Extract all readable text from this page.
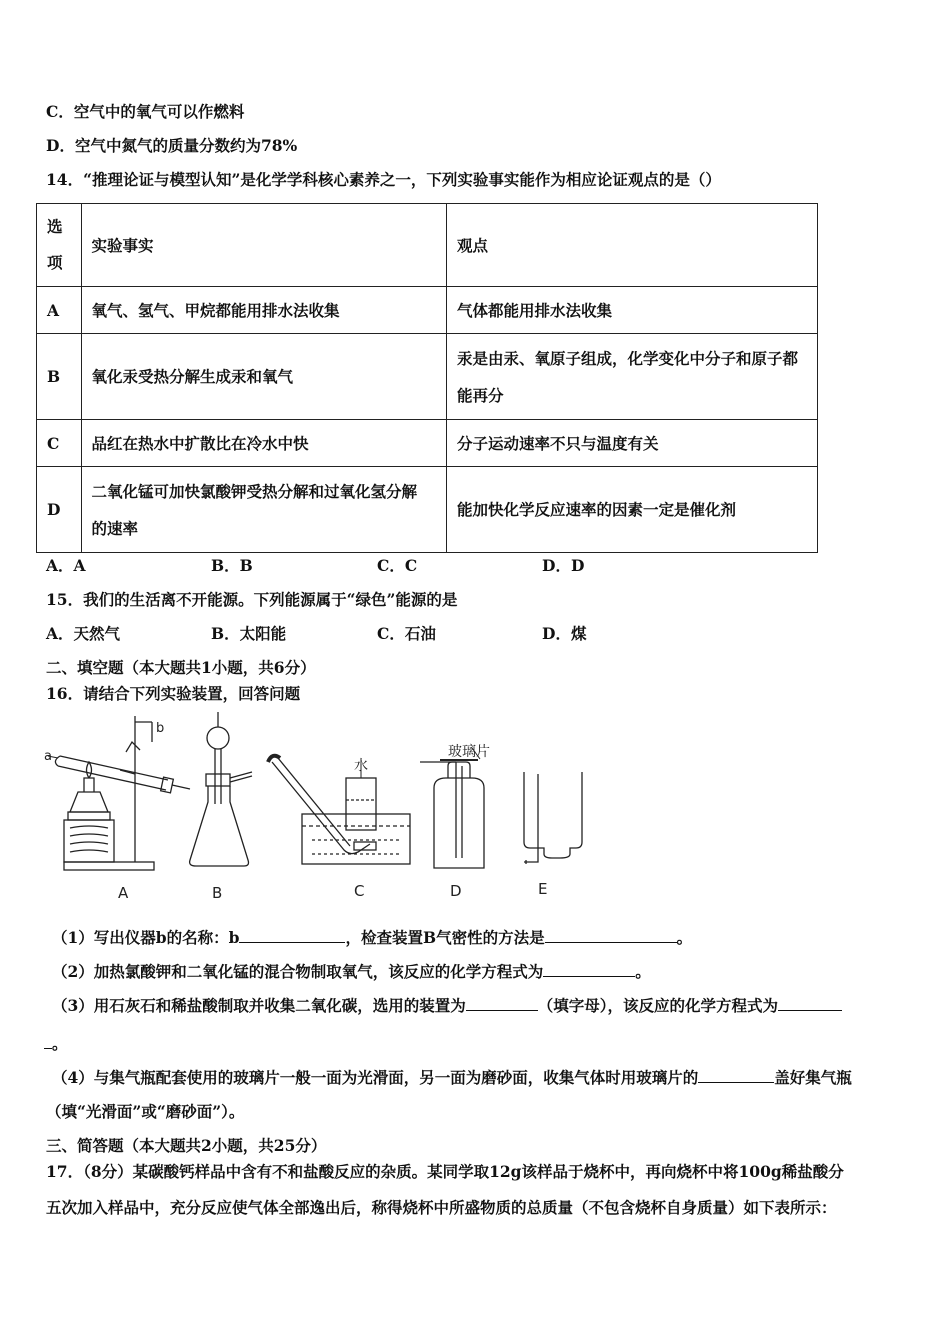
C．空气中的氧气可以作燃料
D．空气中氮气的质量分数约为78%
14．“推理论证与模型认知”是化学学科核心素养之一，下列实验事实能作为相应论证观点的是（）
选项	实验事实	观点
A	氧气、氢气、甲烷都能用排水法收集	气体都能用排水法收集
B	氧化汞受热分解生成汞和氧气	汞是由汞、氧原子组成，化学变化中分子和原子都能再分
C	品红在热水中扩散比在冷水中快	分子运动速率不只与温度有关
D	二氧化锰可加快氯酸钾受热分解和过氧化氢分解的速率	能加快化学反应速率的因素一定是催化剂
A．A	B．B	C．C	D．D
15．我们的生活离不开能源。下列能源属于“绿色”能源的是
A．天然气	B．太阳能	C．石油	D．煤
二、填空题（本大题共1小题，共6分）
16．请结合下列实验装置，回答问题
a
b
水
玻璃片
A	B	C	D	E
（1）写出仪器b的名称：b	，检查装置B气密性的方法是	。
（2）加热氯酸钾和二氧化锰的混合物制取氧气，该反应的化学方程式为	。
（3）用石灰石和稀盐酸制取并收集二氧化碳，选用的装置为	（填字母），该反应的化学方程式为
。
（4）与集气瓶配套使用的玻璃片一般一面为光滑面，另一面为磨砂面，收集气体时用玻璃片的	盖好集气瓶
（填“光滑面”或“磨砂面”）。
三、简答题（本大题共2小题，共25分）
17．（8分）某碳酸钙样品中含有不和盐酸反应的杂质。某同学取12g该样品于烧杯中，再向烧杯中将100g稀盐酸分
五次加入样品中，充分反应使气体全部逸出后，称得烧杯中所盛物质的总质量（不包含烧杯自身质量）如下表所示：
